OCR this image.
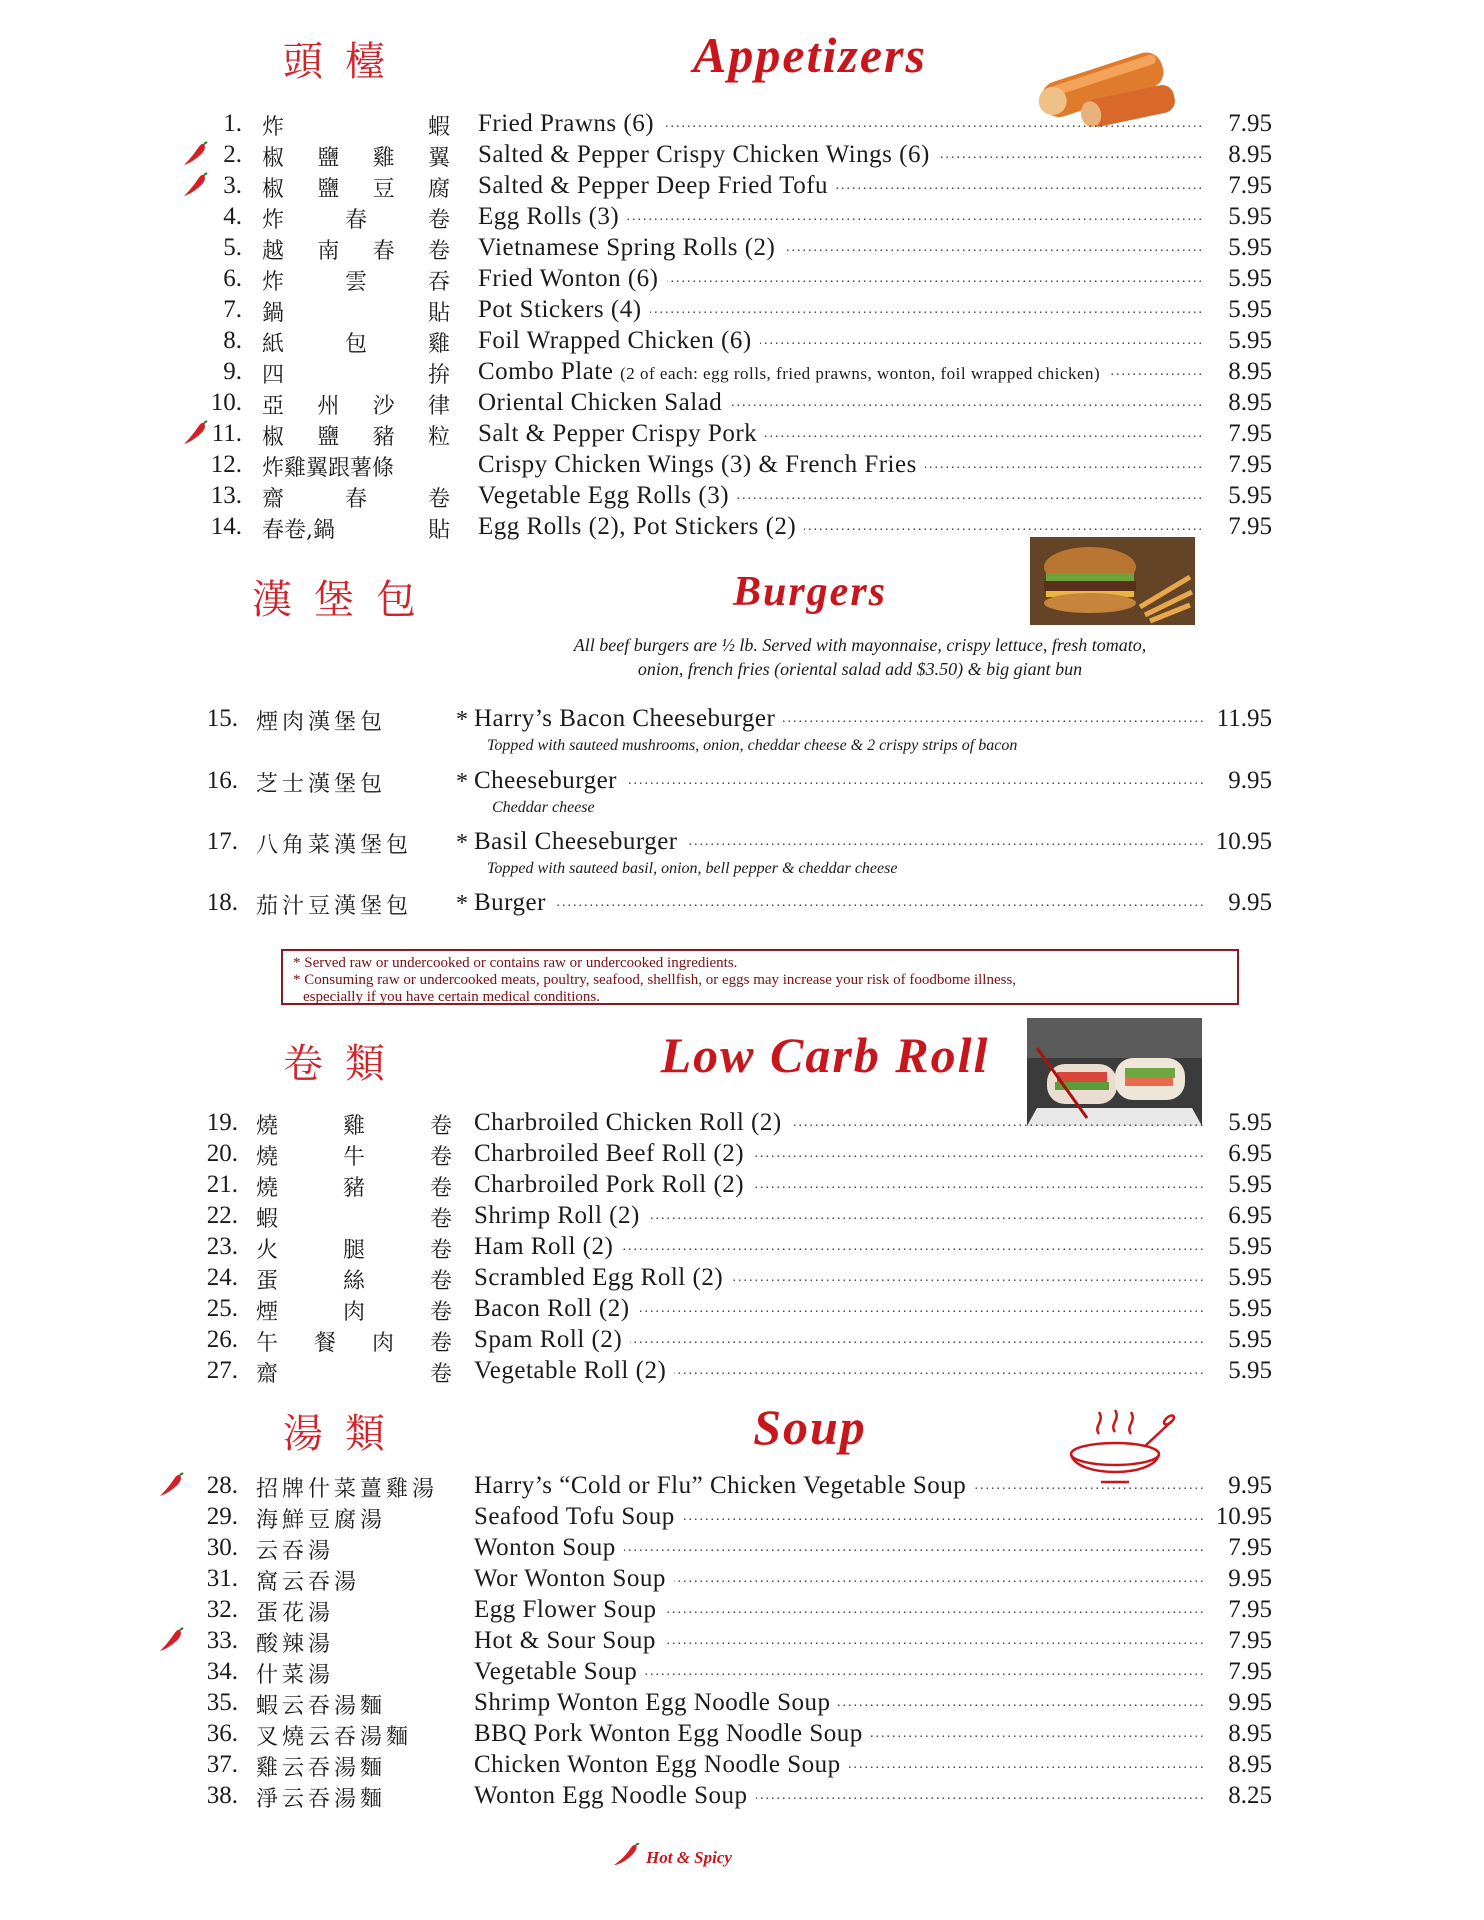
頭檯	Appetizers
漢堡包	Burgers
All beef burgers are ½ lb. Served with mayonnaise, crispy lettuce, fresh tomato,
onion, french fries (oriental salad add $3.50) & big giant bun
* Served raw or undercooked or contains raw or undercooked ingredients.
* Consuming raw or undercooked meats, poultry, seafood, shellfish, or eggs may increase your risk of foodbome illness,
especially if you have certain medical conditions.
卷類	Low Carb Roll
湯類	Soup
1. 炸	蝦 Fried Prawns (6) .....	7.95
2. 椒 鹽 雞 翼 Salted & Pepper Crispy Chicken Wings (6) .....	8.95
3. 椒 鹽 豆 腐 Salted & Pepper Deep Fried Tofu .....	7.95
4. 炸	春	卷 Egg Rolls (3) .....	5.95
5. 越 南 春 卷 Vietnamese Spring Rolls (2) .....	5.95
6. 炸	雲	吞 Fried Wonton (6) .....	5.95
7. 鍋	貼 Pot Stickers (4) .....	5.95
8. 紙	包	雞 Foil Wrapped Chicken (6) .....	5.95
9. 四	拚 Combo Plate (2 of each: egg rolls, fried prawns, wonton, foil wrapped chicken) .....	8.95
10. 亞 州 沙 律 Oriental Chicken Salad .....	8.95
11. 椒 鹽 豬 粒 Salt & Pepper Crispy Pork .....	7.95
12. 炸雞翼跟薯條	Crispy Chicken Wings (3) & French Fries .....	7.95
13. 齋	春	卷 Vegetable Egg Rolls (3) .....	5.95
14. 春卷,鍋	貼 Egg Rolls (2), Pot Stickers (2) .....	7.95
15. 煙肉漢堡包	* Harry’s Bacon Cheeseburger .....	11.95
Topped with sauteed mushrooms, onion, cheddar cheese & 2 crispy strips of bacon
16. 芝士漢堡包	* Cheeseburger .....	9.95
Cheddar cheese
17. 八角菜漢堡包 * Basil Cheeseburger .....	10.95
Topped with sauteed basil, onion, bell pepper & cheddar cheese
18. 茄汁豆漢堡包 * Burger .....	9.95
19. 燒	雞	卷 Charbroiled Chicken Roll (2) .....	5.95
20. 燒	牛	卷 Charbroiled Beef Roll (2) .....	6.95
21. 燒	豬	卷 Charbroiled Pork Roll (2) .....	5.95
22. 蝦	卷 Shrimp Roll (2) .....	6.95
23. 火	腿	卷 Ham Roll (2) .....	5.95
24. 蛋	絲	卷 Scrambled Egg Roll (2) .....	5.95
25. 煙	肉	卷 Bacon Roll (2) .....	5.95
26. 午 餐 肉 卷 Spam Roll (2) .....	5.95
27. 齋	卷 Vegetable Roll (2) .....	5.95
28. 招牌什菜薑雞湯 Harry’s “Cold or Flu” Chicken Vegetable Soup .....	9.95
29. 海鮮豆腐湯	Seafood Tofu Soup .....	10.95
30. 云吞湯	Wonton Soup .....	7.95
31. 窩云吞湯	Wor Wonton Soup .....	9.95
32. 蛋花湯	Egg Flower Soup .....	7.95
33. 酸辣湯	Hot & Sour Soup .....	7.95
34. 什菜湯	Vegetable Soup .....	7.95
35. 蝦云吞湯麵	Shrimp Wonton Egg Noodle Soup .....	9.95
36. 叉燒云吞湯麵 BBQ Pork Wonton Egg Noodle Soup .....	8.95
37. 雞云吞湯麵	Chicken Wonton Egg Noodle Soup .....	8.95
38. 淨云吞湯麵	Wonton Egg Noodle Soup .....	8.25
Hot & Spicy
